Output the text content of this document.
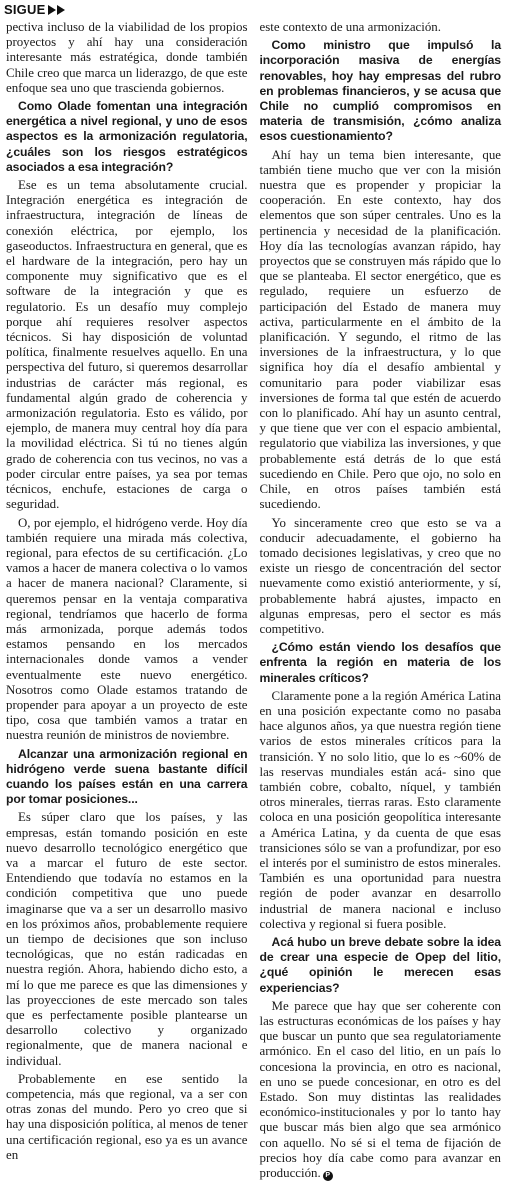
SIGUE

pectiva incluso de la viabilidad de los propios proyectos y ahí hay una consideración interesante más estratégica, donde también Chile creo que marca un liderazgo, de que este enfoque sea uno que trascienda gobiernos.

Como Olade fomentan una integración energética a nivel regional, y uno de esos aspectos es la armonización regulatoria, ¿cuáles son los riesgos estratégicos asociados a esa integración?

Ese es un tema absolutamente crucial. Integración energética es integración de infraestructura, integración de líneas de conexión eléctrica, por ejemplo, los gaseoductos. Infraestructura en general, que es el hardware de la integración, pero hay un componente muy significativo que es el software de la integración y que es regulatorio. Es un desafío muy complejo porque ahí requieres resolver aspectos técnicos. Si hay disposición de voluntad política, finalmente resuelves aquello. En una perspectiva del futuro, si queremos desarrollar industrias de carácter más regional, es fundamental algún grado de coherencia y armonización regulatoria. Esto es válido, por ejemplo, de manera muy central hoy día para la movilidad eléctrica. Si tú no tienes algún grado de coherencia con tus vecinos, no vas a poder circular entre países, ya sea por temas técnicos, enchufe, estaciones de carga o seguridad.

O, por ejemplo, el hidrógeno verde. Hoy día también requiere una mirada más colectiva, regional, para efectos de su certificación. ¿Lo vamos a hacer de manera colectiva o lo vamos a hacer de manera nacional? Claramente, si queremos pensar en la ventaja comparativa regional, tendríamos que hacerlo de forma más armonizada, porque además todos estamos pensando en los mercados internacionales donde vamos a vender eventualmente este nuevo energético. Nosotros como Olade estamos tratando de propender para apoyar a un proyecto de este tipo, cosa que también vamos a tratar en nuestra reunión de ministros de noviembre.

Alcanzar una armonización regional en hidrógeno verde suena bastante difícil cuando los países están en una carrera por tomar posiciones...

Es súper claro que los países, y las empresas, están tomando posición en este nuevo desarrollo tecnológico energético que va a marcar el futuro de este sector. Entendiendo que todavía no estamos en la condición competitiva que uno puede imaginarse que va a ser un desarrollo masivo en los próximos años, probablemente requiere un tiempo de decisiones que son incluso tecnológicas, que no están radicadas en nuestra región. Ahora, habiendo dicho esto, a mí lo que me parece es que las dimensiones y las proyecciones de este mercado son tales que es perfectamente posible plantearse un desarrollo colectivo y organizado regionalmente, que de manera nacional e individual.

Probablemente en ese sentido la competencia, más que regional, va a ser con otras zonas del mundo. Pero yo creo que si hay una disposición política, al menos de tener una certificación regional, eso ya es un avance en

este contexto de una armonización.

Como ministro que impulsó la incorporación masiva de energías renovables, hoy hay empresas del rubro en problemas financieros, y se acusa que Chile no cumplió compromisos en materia de transmisión, ¿cómo analiza esos cuestionamiento?

Ahí hay un tema bien interesante, que también tiene mucho que ver con la misión nuestra que es propender y propiciar la cooperación. En este contexto, hay dos elementos que son súper centrales. Uno es la pertinencia y necesidad de la planificación. Hoy día las tecnologías avanzan rápido, hay proyectos que se construyen más rápido que lo que se planteaba. El sector energético, que es regulado, requiere un esfuerzo de participación del Estado de manera muy activa, particularmente en el ámbito de la planificación. Y segundo, el ritmo de las inversiones de la infraestructura, y lo que significa hoy día el desafío ambiental y comunitario para poder viabilizar esas inversiones de forma tal que estén de acuerdo con lo planificado. Ahí hay un asunto central, y que tiene que ver con el espacio ambiental, regulatorio que viabiliza las inversiones, y que probablemente está detrás de lo que está sucediendo en Chile. Pero que ojo, no solo en Chile, en otros países también está sucediendo.

Yo sinceramente creo que esto se va a conducir adecuadamente, el gobierno ha tomado decisiones legislativas, y creo que no existe un riesgo de concentración del sector nuevamente como existió anteriormente, y sí, probablemente habrá ajustes, impacto en algunas empresas, pero el sector es más competitivo.

¿Cómo están viendo los desafíos que enfrenta la región en materia de los minerales críticos?

Claramente pone a la región América Latina en una posición expectante como no pasaba hace algunos años, ya que nuestra región tiene varios de estos minerales críticos para la transición. Y no solo litio, que lo es ~60% de las reservas mundiales están acá- sino que también cobre, cobalto, níquel, y también otros minerales, tierras raras. Esto claramente coloca en una posición geopolítica interesante a América Latina, y da cuenta de que esas transiciones sólo se van a profundizar, por eso el interés por el suministro de estos minerales. También es una oportunidad para nuestra región de poder avanzar en desarrollo industrial de manera nacional e incluso colectiva y regional si fuera posible.

Acá hubo un breve debate sobre la idea de crear una especie de Opep del litio, ¿qué opinión le merecen esas experiencias?

Me parece que hay que ser coherente con las estructuras económicas de los países y hay que buscar un punto que sea regulatoriamente armónico. En el caso del litio, en un país lo concesiona la provincia, en otro es nacional, en uno se puede concesionar, en otro es del Estado. Son muy distintas las realidades económico-institucionales y por lo tanto hay que buscar más bien algo que sea armónico con aquello. No sé si el tema de fijación de precios hoy día cabe como para avanzar en producción. P
